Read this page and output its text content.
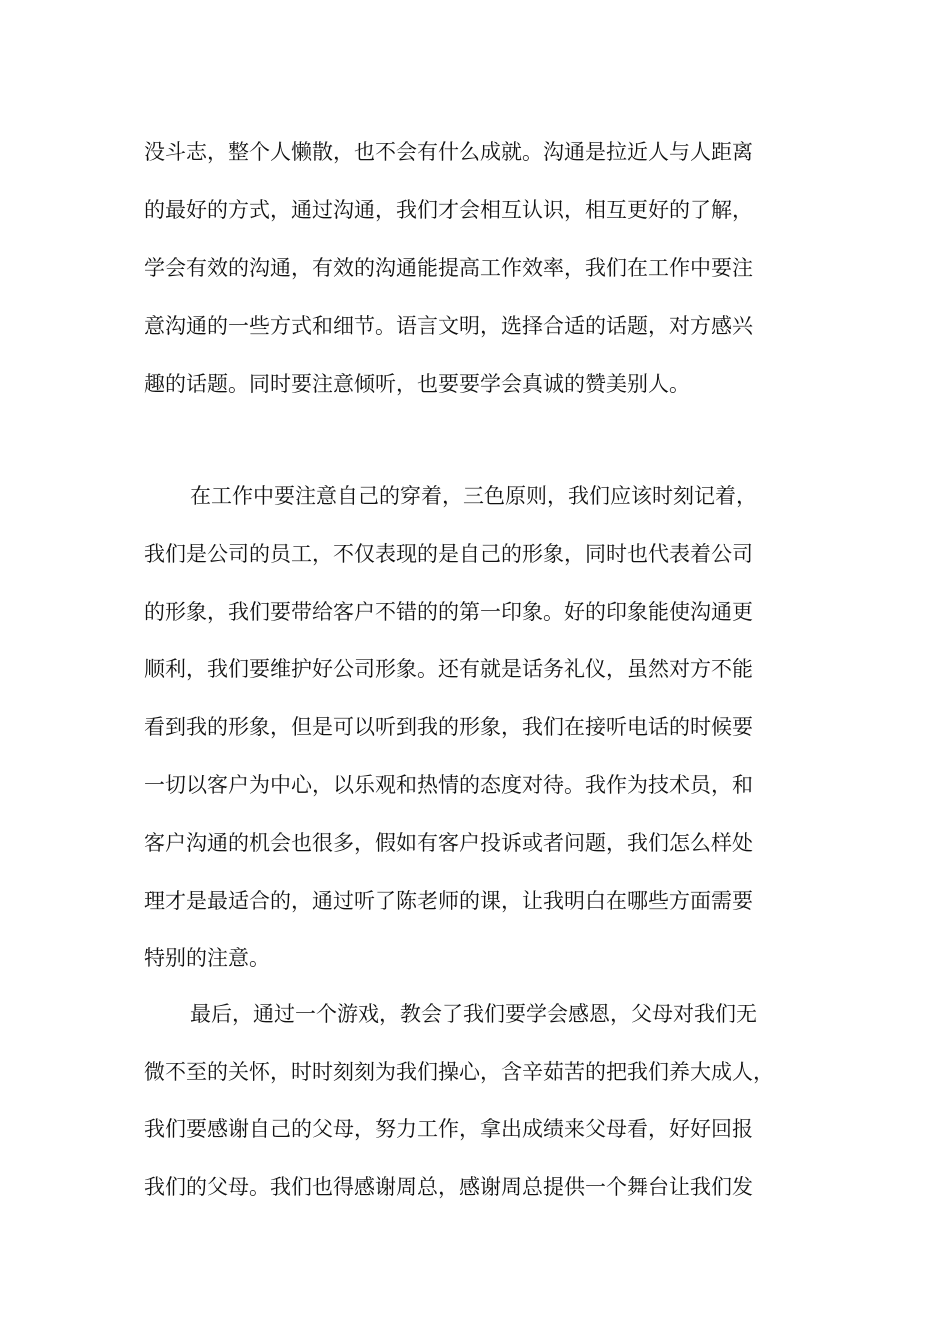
没斗志，整个人懒散，也不会有什么成就。沟通是拉近人与人距离
的最好的方式，通过沟通，我们才会相互认识，相互更好的了解，
学会有效的沟通，有效的沟通能提高工作效率，我们在工作中要注
意沟通的一些方式和细节。语言文明，选择合适的话题，对方感兴
趣的话题。同时要注意倾听，也要要学会真诚的赞美别人。
在工作中要注意自己的穿着，三色原则，我们应该时刻记着，
我们是公司的员工，不仅表现的是自己的形象，同时也代表着公司
的形象，我们要带给客户不错的的第一印象。好的印象能使沟通更
顺利，我们要维护好公司形象。还有就是话务礼仪，虽然对方不能
看到我的形象，但是可以听到我的形象，我们在接听电话的时候要
一切以客户为中心，以乐观和热情的态度对待。我作为技术员，和
客户沟通的机会也很多，假如有客户投诉或者问题，我们怎么样处
理才是最适合的，通过听了陈老师的课，让我明白在哪些方面需要
特别的注意。
最后，通过一个游戏，教会了我们要学会感恩，父母对我们无
微不至的关怀，时时刻刻为我们操心，含辛茹苦的把我们养大成人，
我们要感谢自己的父母，努力工作，拿出成绩来父母看，好好回报
我们的父母。我们也得感谢周总，感谢周总提供一个舞台让我们发
